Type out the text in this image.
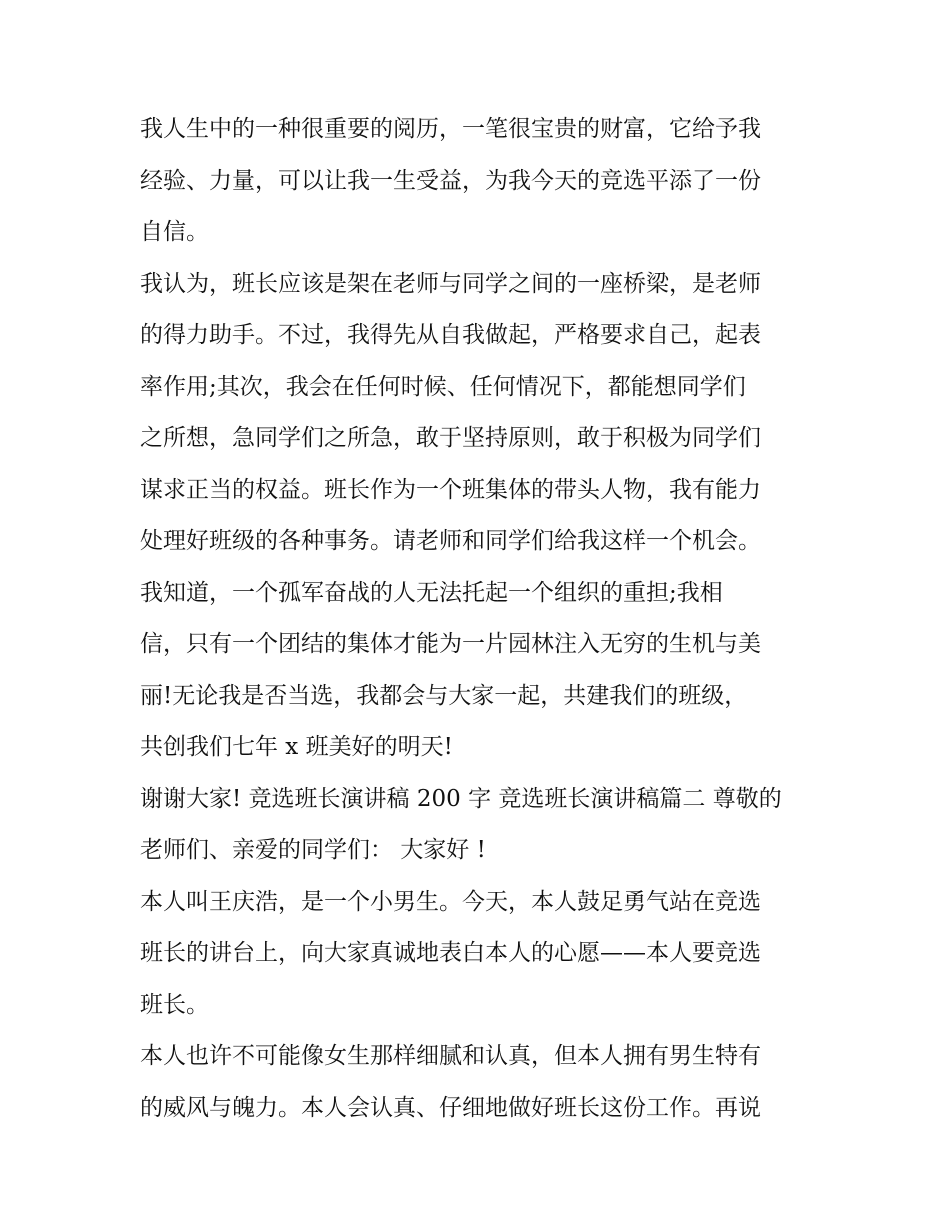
我人生中的一种很重要的阅历，一笔很宝贵的财富，它给予我
经验、力量，可以让我一生受益，为我今天的竞选平添了一份
自信。
我认为，班长应该是架在老师与同学之间的一座桥梁，是老师
的得力助手。不过，我得先从自我做起，严格要求自己，起表
率作用;其次，我会在任何时候、任何情况下，都能想同学们
之所想，急同学们之所急，敢于坚持原则，敢于积极为同学们
谋求正当的权益。班长作为一个班集体的带头人物，我有能力
处理好班级的各种事务。请老师和同学们给我这样一个机会。
我知道，一个孤军奋战的人无法托起一个组织的重担;我相
信，只有一个团结的集体才能为一片园林注入无穷的生机与美
丽!无论我是否当选，我都会与大家一起，共建我们的班级，
共创我们七年 x 班美好的明天!
谢谢大家! 竞选班长演讲稿 200 字 竞选班长演讲稿篇二 尊敬的
老师们、亲爱的同学们： 大家好 !
本人叫王庆浩，是一个小男生。今天，本人鼓足勇气站在竞选
班长的讲台上，向大家真诚地表白本人的心愿——本人要竞选
班长。
本人也许不可能像女生那样细腻和认真，但本人拥有男生特有
的威风与魄力。本人会认真、仔细地做好班长这份工作。再说
